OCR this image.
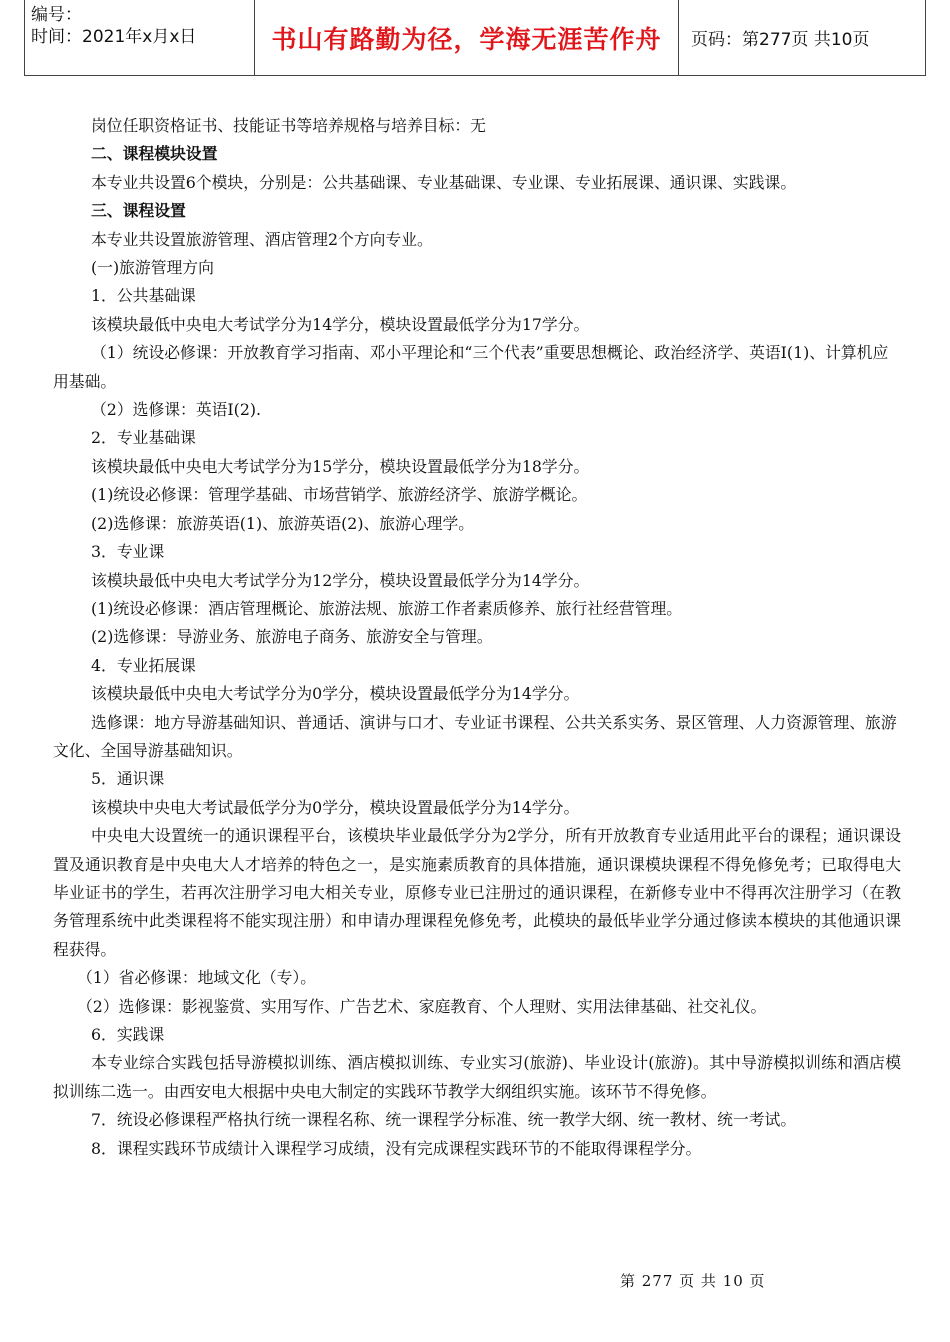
编号：
时间：2021年x月x日	书山有路勤为径，学海无涯苦作舟	页码：第277页 共10页

岗位任职资格证书、技能证书等培养规格与培养目标：无

二、课程模块设置

本专业共设置6个模块，分别是：公共基础课、专业基础课、专业课、专业拓展课、通识课、实践课。

三、课程设置

本专业共设置旅游管理、酒店管理2个方向专业。

(一)旅游管理方向

1．公共基础课

该模块最低中央电大考试学分为14学分，模块设置最低学分为17学分。

（1）统设必修课：开放教育学习指南、邓小平理论和“三个代表”重要思想概论、政治经济学、英语Ⅰ(1)、计算机应用基础。

（2）选修课：英语Ⅰ(2).

2．专业基础课

该模块最低中央电大考试学分为15学分，模块设置最低学分为18学分。

(1)统设必修课：管理学基础、市场营销学、旅游经济学、旅游学概论。

(2)选修课：旅游英语(1)、旅游英语(2)、旅游心理学。

3．专业课

该模块最低中央电大考试学分为12学分，模块设置最低学分为14学分。

(1)统设必修课：酒店管理概论、旅游法规、旅游工作者素质修养、旅行社经营管理。

(2)选修课：导游业务、旅游电子商务、旅游安全与管理。

4．专业拓展课

该模块最低中央电大考试学分为0学分，模块设置最低学分为14学分。

选修课：地方导游基础知识、普通话、演讲与口才、专业证书课程、公共关系实务、景区管理、人力资源管理、旅游文化、全国导游基础知识。

5．通识课

该模块中央电大考试最低学分为0学分，模块设置最低学分为14学分。

中央电大设置统一的通识课程平台，该模块毕业最低学分为2学分，所有开放教育专业适用此平台的课程；通识课设置及通识教育是中央电大人才培养的特色之一，是实施素质教育的具体措施，通识课模块课程不得免修免考；已取得电大毕业证书的学生，若再次注册学习电大相关专业，原修专业已注册过的通识课程，在新修专业中不得再次注册学习（在教务管理系统中此类课程将不能实现注册）和申请办理课程免修免考，此模块的最低毕业学分通过修读本模块的其他通识课程获得。

（1）省必修课：地域文化（专）。

（2）选修课：影视鉴赏、实用写作、广告艺术、家庭教育、个人理财、实用法律基础、社交礼仪。

6．实践课

本专业综合实践包括导游模拟训练、酒店模拟训练、专业实习(旅游)、毕业设计(旅游)。其中导游模拟训练和酒店模拟训练二选一。由西安电大根据中央电大制定的实践环节教学大纲组织实施。该环节不得免修。

7．统设必修课程严格执行统一课程名称、统一课程学分标准、统一教学大纲、统一教材、统一考试。

8．课程实践环节成绩计入课程学习成绩，没有完成课程实践环节的不能取得课程学分。

第 277 页 共 10 页
